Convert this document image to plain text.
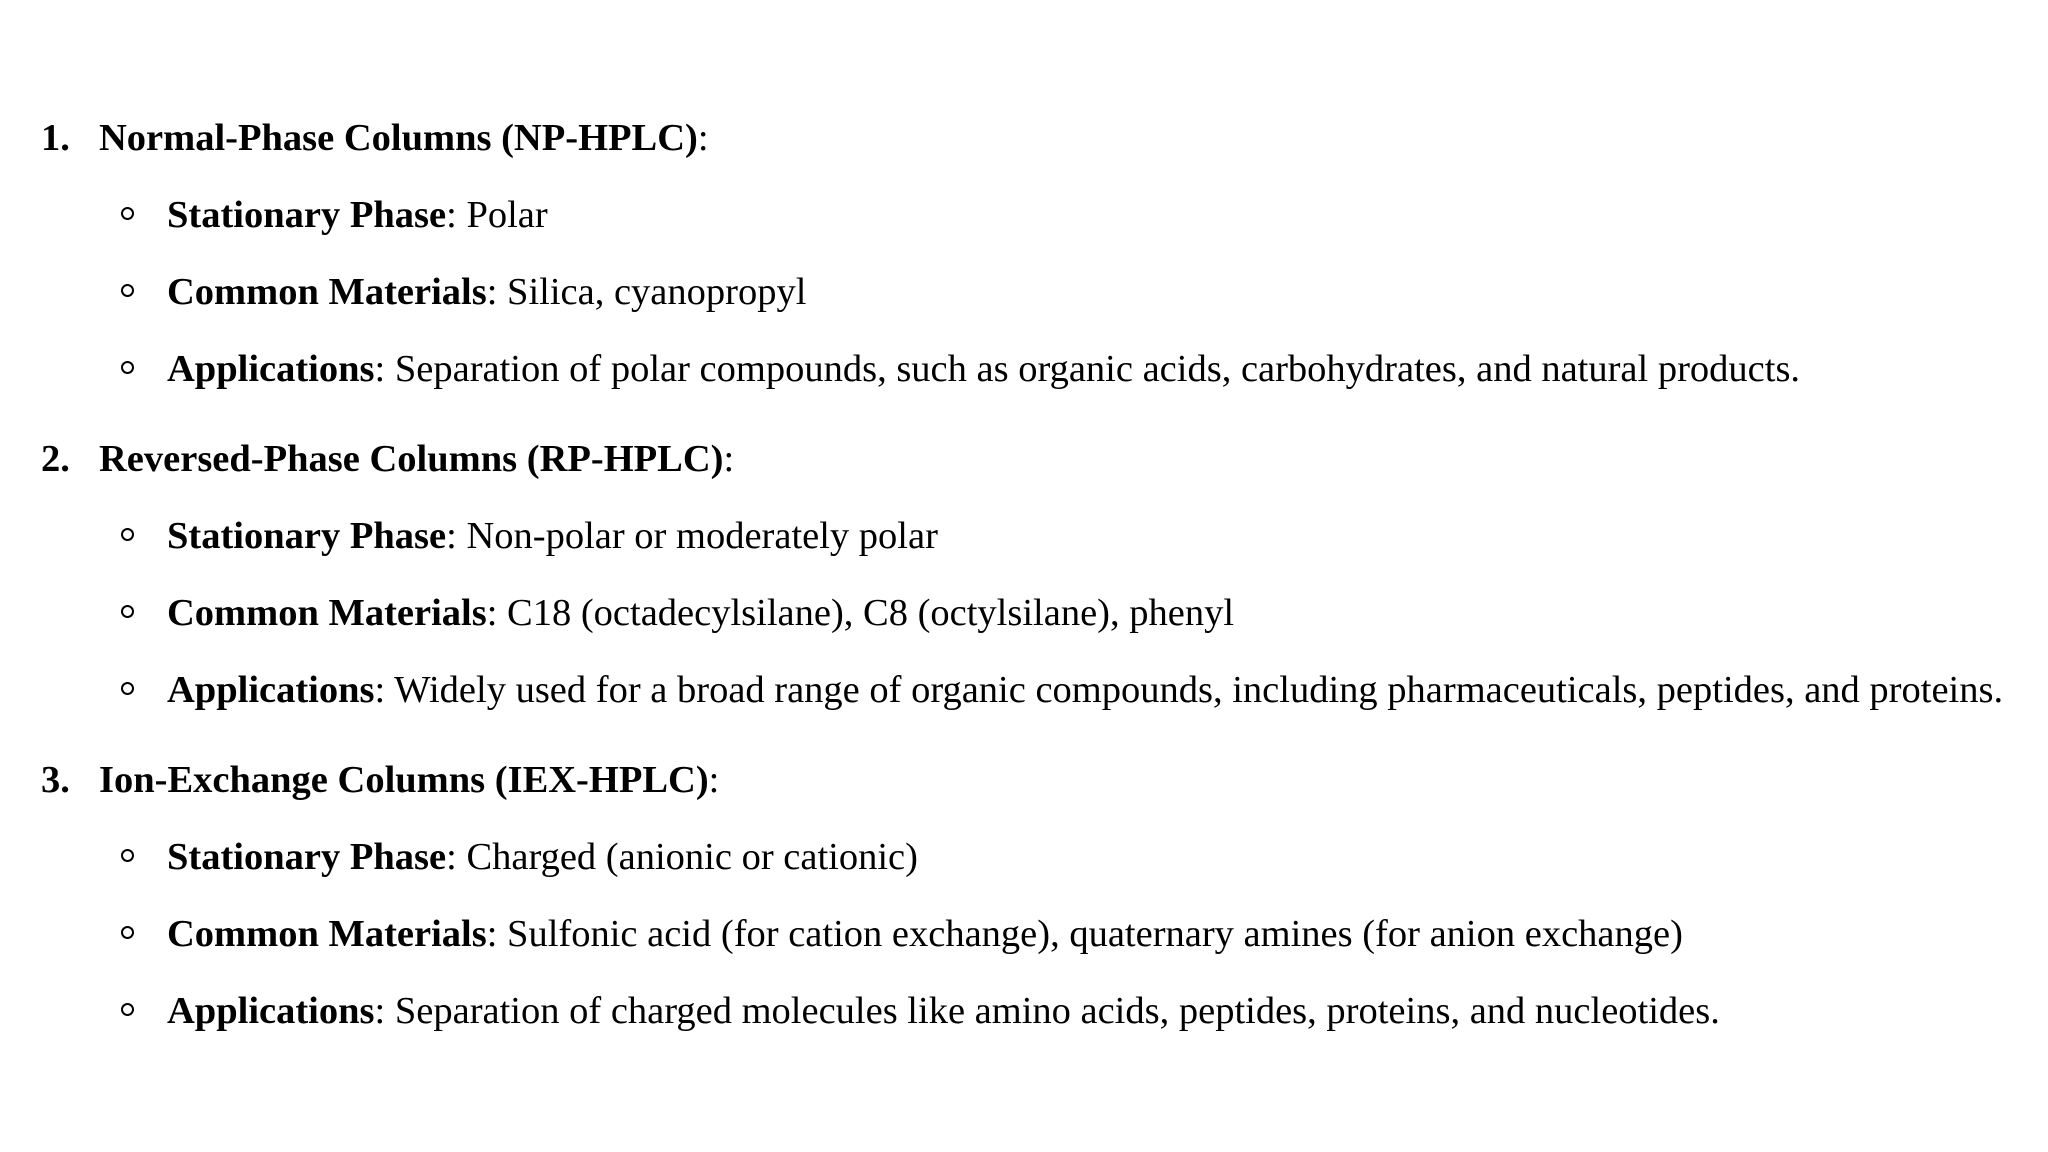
1. Normal-Phase Columns (NP-HPLC):
Stationary Phase: Polar
Common Materials: Silica, cyanopropyl
Applications: Separation of polar compounds, such as organic acids, carbohydrates, and natural products.
2. Reversed-Phase Columns (RP-HPLC):
Stationary Phase: Non-polar or moderately polar
Common Materials: C18 (octadecylsilane), C8 (octylsilane), phenyl
Applications: Widely used for a broad range of organic compounds, including pharmaceuticals, peptides, and proteins.
3. Ion-Exchange Columns (IEX-HPLC):
Stationary Phase: Charged (anionic or cationic)
Common Materials: Sulfonic acid (for cation exchange), quaternary amines (for anion exchange)
Applications: Separation of charged molecules like amino acids, peptides, proteins, and nucleotides.
